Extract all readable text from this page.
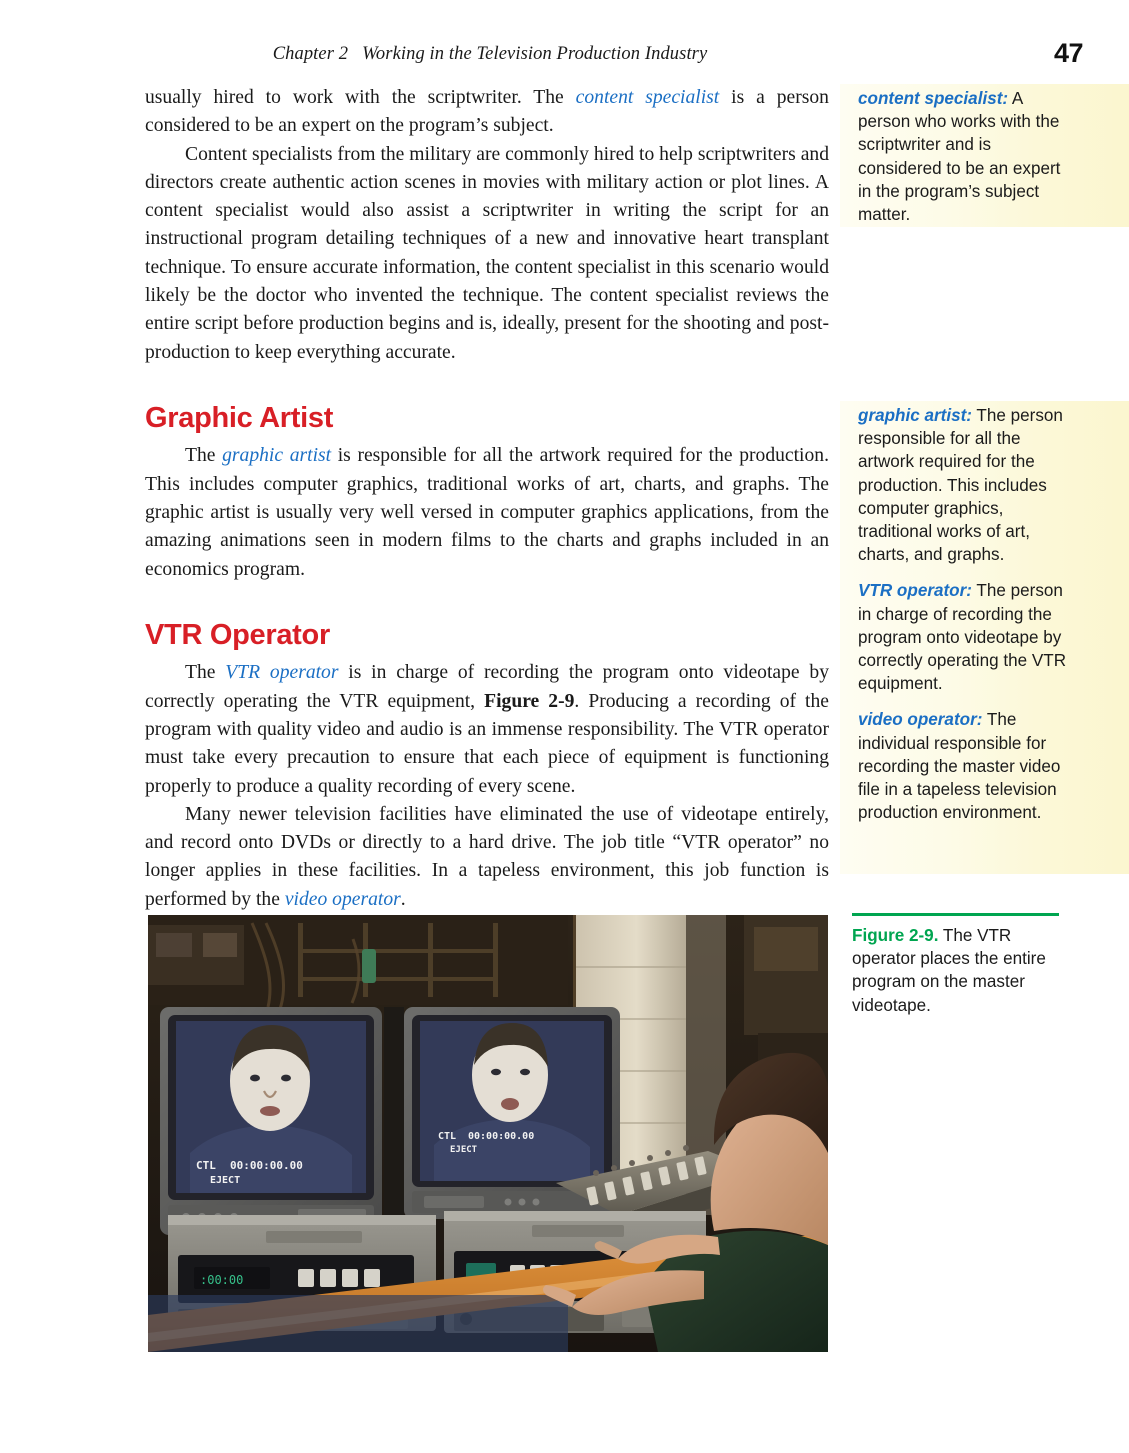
Chapter 2 Working in the Television Production Industry	47

usually hired to work with the scriptwriter. The content specialist is a person considered to be an expert on the program’s subject.

Content specialists from the military are commonly hired to help scriptwriters and directors create authentic action scenes in movies with military action or plot lines. A content specialist would also assist a scriptwriter in writing the script for an instructional program detailing techniques of a new and innovative heart transplant technique. To ensure accurate information, the content specialist in this scenario would likely be the doctor who invented the technique. The content specialist reviews the entire script before production begins and is, ideally, present for the shooting and post-production to keep everything accurate.

Graphic Artist

The graphic artist is responsible for all the artwork required for the production. This includes computer graphics, traditional works of art, charts, and graphs. The graphic artist is usually very well versed in computer graphics applications, from the amazing animations seen in modern films to the charts and graphs included in an economics program.

VTR Operator

The VTR operator is in charge of recording the program onto videotape by correctly operating the VTR equipment, Figure 2-9. Producing a recording of the program with quality video and audio is an immense responsibility. The VTR operator must take every precaution to ensure that each piece of equipment is functioning properly to produce a quality recording of every scene.

Many newer television facilities have eliminated the use of videotape entirely, and record onto DVDs or directly to a hard drive. The job title “VTR operator” no longer applies in these facilities. In a tapeless environment, this job function is performed by the video operator.

content specialist: A person who works with the scriptwriter and is considered to be an expert in the program’s subject matter.

graphic artist: The person responsible for all the artwork required for the production. This includes computer graphics, traditional works of art, charts, and graphs.

VTR operator: The person in charge of recording the program onto videotape by correctly operating the VTR equipment.

video operator: The individual responsible for recording the master video file in a tapeless television production environment.

Figure 2-9. The VTR operator places the entire program on the master videotape.
CTL 00:00:00.00
EJECT
CTL 00:00:00.00
EJECT
:00:00
